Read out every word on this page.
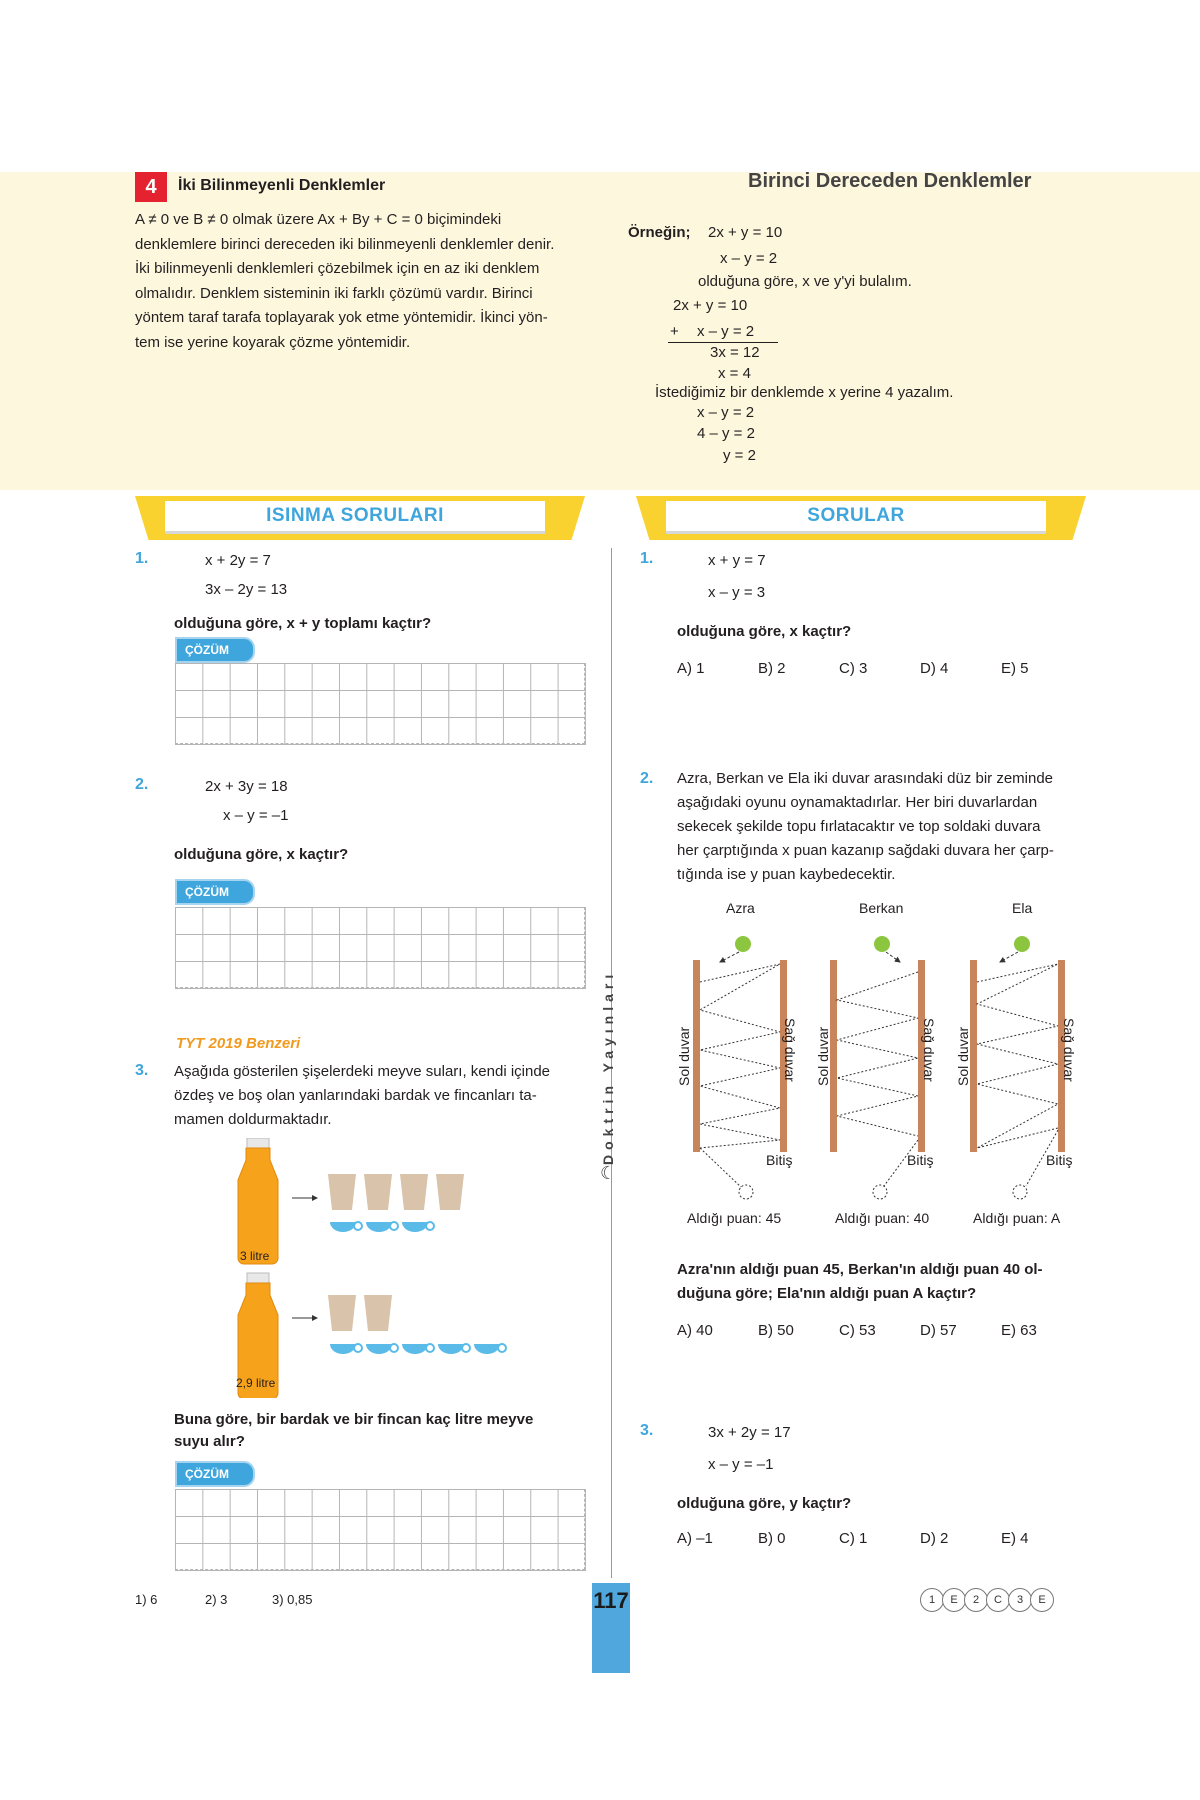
4	İki Bilinmeyenli Denklemler	Birinci Dereceden Denklemler
A ≠ 0 ve B ≠ 0 olmak üzere Ax + By + C = 0 biçimindeki
denklemlere birinci dereceden iki bilinmeyenli denklemler denir.
İki bilinmeyenli denklemleri çözebilmek için en az iki denklem
olmalıdır. Denklem sisteminin iki farklı çözümü vardır. Birinci
yöntem taraf tarafa toplayarak yok etme yöntemidir. İkinci yön-
tem ise yerine koyarak çözme yöntemidir.
Örneğin; 2x + y = 10
x – y = 2
olduğuna göre, x ve y'yi bulalım.
2x + y = 10
+ x – y = 2
3x = 12
x = 4
İstediğimiz bir denklemde x yerine 4 yazalım.
x – y = 2
4 – y = 2
y = 2
ISINMA SORULARI	SORULAR
Doktrin Yayınları
☾
1.	x + 2y = 7
3x – 2y = 13
olduğuna göre, x + y toplamı kaçtır?
ÇÖZÜM
2.	2x + 3y = 18
x – y = –1
olduğuna göre, x kaçtır?
ÇÖZÜM
TYT 2019 Benzeri
3. Aşağıda gösterilen şişelerdeki meyve suları, kendi içinde
özdeş ve boş olan yanlarındaki bardak ve fincanları ta-
mamen doldurmaktadır.
3 litre
2,9 litre
Buna göre, bir bardak ve bir fincan kaç litre meyve
suyu alır?
ÇÖZÜM
1.	x + y = 7
x – y = 3
olduğuna göre, x kaçtır?
A) 1	B) 2	C) 3	D) 4	E) 5
2. Azra, Berkan ve Ela iki duvar arasındaki düz bir zeminde
aşağıdaki oyunu oynamaktadırlar. Her biri duvarlardan
sekecek şekilde topu fırlatacaktır ve top soldaki duvara
her çarptığında x puan kazanıp sağdaki duvara her çarp-
tığında ise y puan kaybedecektir.
Azra	Berkan	Ela
Sol duvar	Sağ duvar Sol duvar	Sağ duvar Sol duvar	Sağ duvar
Bitiş	Bitiş	Bitiş
Aldığı puan: 45	Aldığı puan: 40	Aldığı puan: A
Azra'nın aldığı puan 45, Berkan'ın aldığı puan 40 ol-
duğuna göre; Ela'nın aldığı puan A kaçtır?
A) 40	B) 50	C) 53	D) 57	E) 63
3.	3x + 2y = 17
x – y = –1
olduğuna göre, y kaçtır?
A) –1	B) 0	C) 1	D) 2	E) 4
1) 6	2) 3	3) 0,85	117	1	E	2	C	3	E
